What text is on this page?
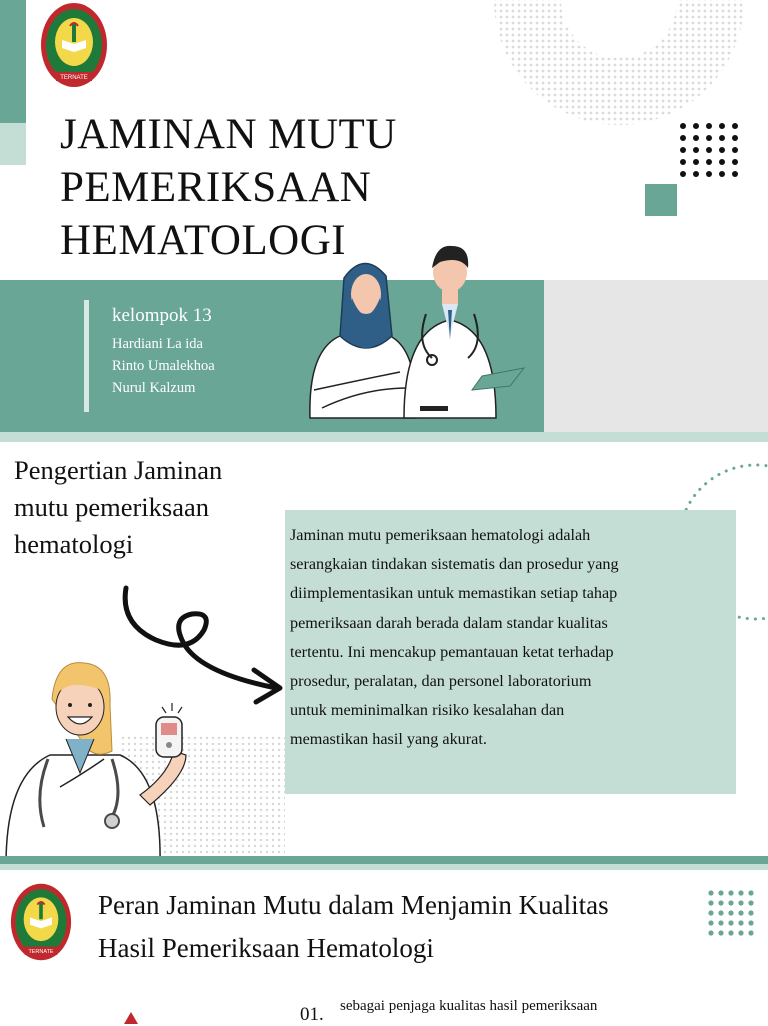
TERNATE
JAMINAN MUTU
PEMERIKSAAN
HEMATOLOGI
kelompok 13
Hardiani La ida
Rinto Umalekhoa
Nurul Kalzum
Pengertian Jaminan
mutu pemeriksaan
hematologi	Jaminan mutu pemeriksaan hematologi adalah
serangkaian tindakan sistematis dan prosedur yang
diimplementasikan untuk memastikan setiap tahap
pemeriksaan darah berada dalam standar kualitas
tertentu. Ini mencakup pemantauan ketat terhadap
prosedur, peralatan, dan personel laboratorium
untuk meminimalkan risiko kesalahan dan
memastikan hasil yang akurat.
TERNATE
Peran Jaminan Mutu dalam Menjamin Kualitas
Hasil Pemeriksaan Hematologi
01. sebagai penjaga kualitas hasil pemeriksaan
